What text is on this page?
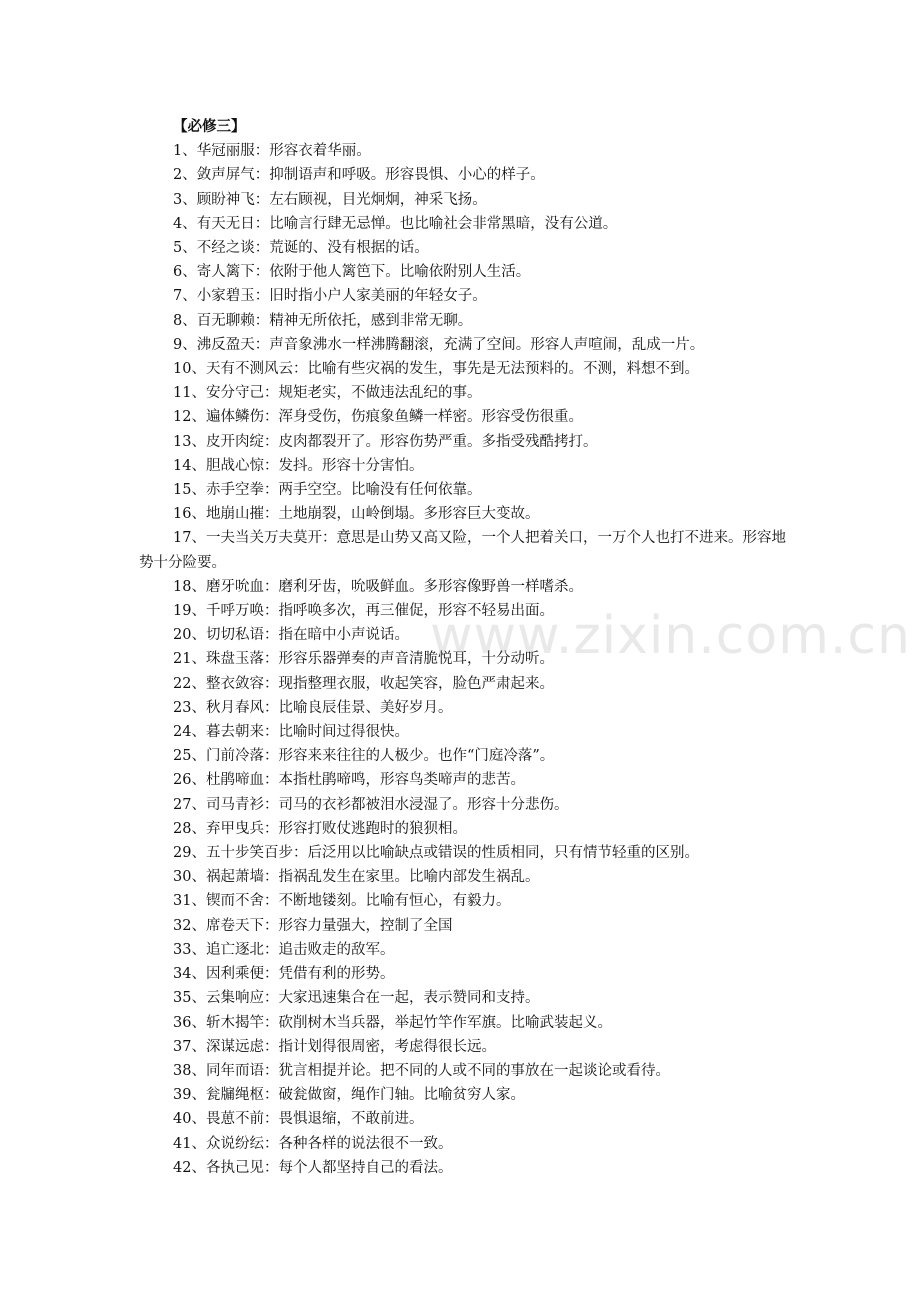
www.zixin.com.cn
【必修三】
1、华冠丽服：形容衣着华丽。
2、敛声屏气：抑制语声和呼吸。形容畏惧、小心的样子。
3、顾盼神飞：左右顾视，目光炯炯，神采飞扬。
4、有天无日：比喻言行肆无忌惮。也比喻社会非常黑暗，没有公道。
5、不经之谈：荒诞的、没有根据的话。
6、寄人篱下：依附于他人篱笆下。比喻依附别人生活。
7、小家碧玉：旧时指小户人家美丽的年轻女子。
8、百无聊赖：精神无所依托，感到非常无聊。
9、沸反盈天：声音象沸水一样沸腾翻滚，充满了空间。形容人声喧闹，乱成一片。
10、天有不测风云：比喻有些灾祸的发生，事先是无法预料的。不测，料想不到。
11、安分守己：规矩老实，不做违法乱纪的事。
12、遍体鳞伤：浑身受伤，伤痕象鱼鳞一样密。形容受伤很重。
13、皮开肉绽：皮肉都裂开了。形容伤势严重。多指受残酷拷打。
14、胆战心惊：发抖。形容十分害怕。
15、赤手空拳：两手空空。比喻没有任何依靠。
16、地崩山摧：土地崩裂，山岭倒塌。多形容巨大变故。
17、一夫当关万夫莫开：意思是山势又高又险，一个人把着关口，一万个人也打不进来。形容地势十分险要。
18、磨牙吮血：磨利牙齿，吮吸鲜血。多形容像野兽一样嗜杀。
19、千呼万唤：指呼唤多次，再三催促，形容不轻易出面。
20、切切私语：指在暗中小声说话。
21、珠盘玉落：形容乐器弹奏的声音清脆悦耳，十分动听。
22、整衣敛容：现指整理衣服，收起笑容，脸色严肃起来。
23、秋月春风：比喻良辰佳景、美好岁月。
24、暮去朝来：比喻时间过得很快。
25、门前冷落：形容来来往往的人极少。也作“门庭冷落”。
26、杜鹃啼血：本指杜鹃啼鸣，形容鸟类啼声的悲苦。
27、司马青衫：司马的衣衫都被泪水浸湿了。形容十分悲伤。
28、弃甲曳兵：形容打败仗逃跑时的狼狈相。
29、五十步笑百步：后泛用以比喻缺点或错误的性质相同，只有情节轻重的区别。
30、祸起萧墙：指祸乱发生在家里。比喻内部发生祸乱。
31、锲而不舍：不断地镂刻。比喻有恒心，有毅力。
32、席卷天下：形容力量强大，控制了全国
33、追亡逐北：追击败走的敌军。
34、因利乘便：凭借有利的形势。
35、云集响应：大家迅速集合在一起，表示赞同和支持。
36、斩木揭竿：砍削树木当兵器，举起竹竿作军旗。比喻武装起义。
37、深谋远虑：指计划得很周密，考虑得很长远。
38、同年而语：犹言相提并论。把不同的人或不同的事放在一起谈论或看待。
39、瓮牖绳枢：破瓮做窗，绳作门轴。比喻贫穷人家。
40、畏葸不前：畏惧退缩，不敢前进。
41、众说纷纭：各种各样的说法很不一致。
42、各执己见：每个人都坚持自己的看法。
